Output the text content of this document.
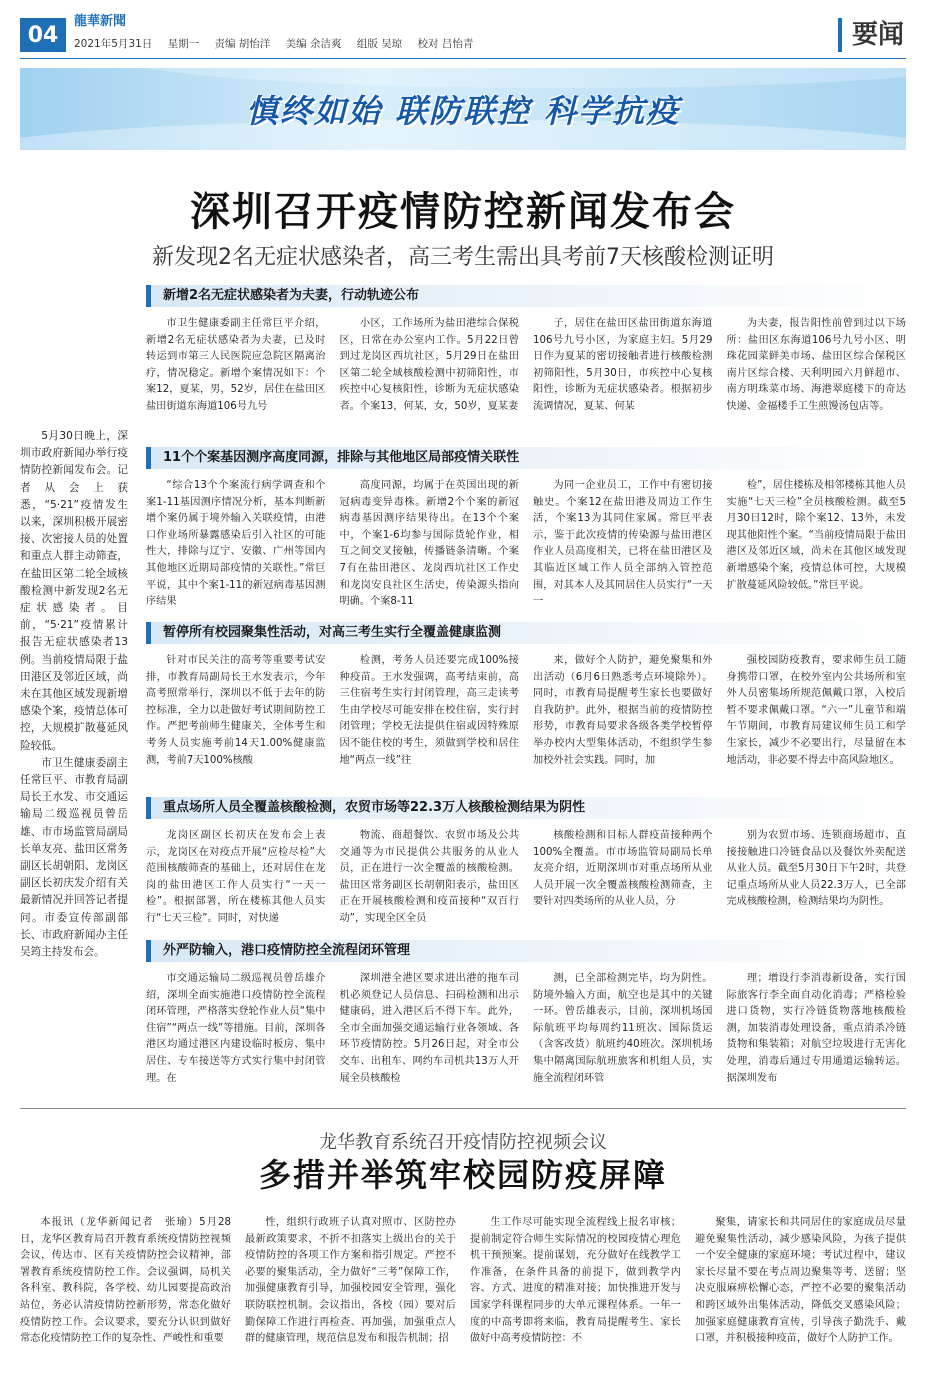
04
龍華新聞
2021年5月31日 星期一 责编 胡怡洋 美编 余洁爽 组版 吴琼 校对 吕怡青	要闻
慎终如始 联防联控 科学抗疫
深圳召开疫情防控新闻发布会
新发现2名无症状感染者，高三考生需出具考前7天核酸检测证明

5月30日晚上，深圳市政府新闻办举行疫情防控新闻发布会。记者从会上获悉，“5·21”疫情发生以来，深圳积极开展密接、次密接人员的处置和重点人群主动筛查，在盐田区第二轮全域核酸检测中新发现2名无症状感染者。目前，“5·21”疫情累计报告无症状感染者13例。当前疫情局限于盐田港区及邻近区域，尚未在其他区域发现新增感染个案，疫情总体可控，大规模扩散蔓延风险较低。

市卫生健康委副主任常巨平、市教育局副局长王水发、市交通运输局二级巡视员曾岳雄、市市场监管局副局长单友亮、盐田区常务副区长胡朝阳、龙岗区副区长初庆发介绍有关最新情况并回答记者提问。市委宣传部副部长、市政府新闻办主任吴筠主持发布会。

新增2名无症状感染者为夫妻，行动轨迹公布

市卫生健康委副主任常巨平介绍，新增2名无症状感染者为夫妻，已及时转运到市第三人民医院应急院区隔离治疗，情况稳定。新增个案情况如下：个案12，夏某，男，52岁，居住在盐田区盐田街道东海道106号九号

小区，工作场所为盐田港综合保税区，日常在办公室内工作。5月22日曾到过龙岗区西坑社区，5月29日在盐田区第二轮全域核酸检测中初筛阳性，市疾控中心复核阳性，诊断为无症状感染者。个案13，何某，女，50岁，夏某妻

子，居住在盐田区盐田街道东海道106号九号小区，为家庭主妇。5月29日作为夏某的密切接触者进行核酸检测初筛阳性，5月30日，市疾控中心复核阳性，诊断为无症状感染者。根据初步流调情况，夏某、何某

为夫妻，报告阳性前曾到过以下场所：盐田区东海道106号九号小区、明珠花园菜鲜美市场、盐田区综合保税区南片区综合楼、天利明园六月鲜超市、南方明珠菜市场、海港翠庭楼下的奇达快递、金福楼手工生煎馒汤包店等。

11个个案基因测序高度同源，排除与其他地区局部疫情关联性

“综合13个个案流行病学调查和个案1-11基因测序情况分析，基本判断新增个案仍属于境外输入关联疫情，由港口作业场所暴露感染后引入社区的可能性大，排除与辽宁、安徽、广州等国内其他地区近期局部疫情的关联性。”常巨平说，其中个案1-11的新冠病毒基因测序结果

高度同源，均属于在英国出现的新冠病毒变异毒株。新增2个个案的新冠病毒基因测序结果待出。在13个个案中，个案1-6均参与国际货轮作业，相互之间交叉接触，传播链条清晰。个案7有在盐田港区、龙岗西坑社区工作史和龙岗安良社区生活史，传染源头指向明确。个案8-11

为同一企业员工，工作中有密切接触史。个案12在盐田港及周边工作生活，个案13为其同住家属。常巨平表示，鉴于此次疫情的传染源与盐田港区作业人员高度相关，已将在盐田港区及其临近区域工作人员全部纳入管控范围，对其本人及其同居住人员实行“一天一

检”，居住楼栋及相邻楼栋其他人员实施“七天三检”全员核酸检测。截至5月30日12时，除个案12、13外，未发现其他阳性个案。“当前疫情局限于盐田港区及邻近区域，尚未在其他区域发现新增感染个案，疫情总体可控，大规模扩散蔓延风险较低。”常巨平说。

暂停所有校园聚集性活动，对高三考生实行全覆盖健康监测

针对市民关注的高考等重要考试安排，市教育局副局长王水发表示，今年高考照常举行，深圳以不低于去年的防控标准，全力以赴做好考试期间防控工作。严把考前师生健康关，全体考生和考务人员实施考前14天1.00%健康监测，考前7天100%核酸

检测，考务人员还要完成100%接种疫苗。王水发强调，高考结束前，高三住宿考生实行封闭管理，高三走读考生由学校尽可能安排在校住宿，实行封闭管理；学校无法提供住宿或因特殊原因不能住校的考生，须做到学校和居住地“两点一线”往

来，做好个人防护，避免聚集和外出活动（6月6日熟悉考点环境除外）。同时，市教育局提醒考生家长也要做好自我防护。此外，根据当前的疫情防控形势，市教育局要求各级各类学校暂停举办校内大型集体活动，不组织学生参加校外社会实践。同时，加

强校园防疫教育，要求师生员工随身携带口罩，在校外室内公共场所和室外人员密集场所规范佩戴口罩，入校后暂不要求佩戴口罩。“六一”儿童节和端午节期间，市教育局建议师生员工和学生家长，减少不必要出行，尽量留在本地活动，非必要不得去中高风险地区。

重点场所人员全覆盖核酸检测，农贸市场等22.3万人核酸检测结果为阴性

龙岗区副区长初庆在发布会上表示，龙岗区在对疫点开展“应检尽检”大范围核酸筛查的基础上，还对居住在龙岗的盐田港区工作人员实行“一天一检”。根据部署，所在楼栋其他人员实行“七天三检”。同时，对快递

物流、商超餐饮、农贸市场及公共交通等为市民提供公共服务的从业人员，正在进行一次全覆盖的核酸检测。盐田区常务副区长胡朝阳表示，盐田区正在开展核酸检测和疫苗接种“双百行动”，实现全区全员

核酸检测和目标人群疫苗接种两个100%全覆盖。市市场监管局副局长单友亮介绍，近期深圳市对重点场所从业人员开展一次全覆盖核酸检测筛查，主要针对四类场所的从业人员，分

别为农贸市场、连锁商场超市、直接接触进口冷链食品以及餐饮外卖配送从业人员。截至5月30日下午2时，共登记重点场所从业人员22.3万人，已全部完成核酸检测，检测结果均为阴性。

外严防输入，港口疫情防控全流程闭环管理

市交通运输局二级巡视员曾岳雄介绍，深圳全面实施港口疫情防控全流程闭环管理，严格落实登轮作业人员“集中住宿”“两点一线”等措施。目前，深圳各港区均通过港区内建设临时板房、集中居住、专车接送等方式实行集中封闭管理。在

深圳港全港区要求进出港的拖车司机必须登记人员信息、扫码检测和出示健康码，进入港区后不得下车。此外，全市全面加强交通运输行业各领域、各环节疫情防控。5月26日起，对全市公交车、出租车、网约车司机共13万人开展全员核酸检

测，已全部检测完毕，均为阴性。防境外输入方面，航空也是其中的关键一环。曾岳雄表示，目前，深圳机场国际航班平均每周约11班次、国际货运（含客改货）航班约40班次。深圳机场集中隔离国际航班旅客和机组人员，实施全流程闭环管

理；增设行李消毒新设备，实行国际旅客行李全面自动化消毒；严格检验进口货物，实行冷链货物落地核酸检测，加装消毒处理设备，重点消杀冷链货物和集装箱；对航空垃圾进行无害化处理，消毒后通过专用通道运输转运。据深圳发布

龙华教育系统召开疫情防控视频会议
多措并举筑牢校园防疫屏障

本报讯（龙华新闻记者　张瑜）5月28日，龙华区教育局召开教育系统疫情防控视频会议，传达市、区有关疫情防控会议精神，部署教育系统疫情防控工作。会议强调，局机关各科室、教科院，各学校、幼儿园要提高政治站位，务必认清疫情防控新形势，常态化做好疫情防控工作。会议要求，要充分认识到做好常态化疫情防控工作的复杂性、严峻性和重要

性，组织行政班子认真对照市、区防控办最新政策要求，不折不扣落实上级出台的关于疫情防控的各项工作方案和指引规定。严控不必要的聚集活动，全力做好“三考”保障工作，加强健康教育引导，加强校园安全管理，强化联防联控机制。会议指出，各校（园）要对后勤保障工作进行再检查、再加强，加强重点人群的健康管理，规范信息发布和报告机制；招

生工作尽可能实现全流程线上报名审核；提前制定符合师生实际情况的校园疫情心理危机干预预案。提前谋划，充分做好在线教学工作准备，在条件具备的前提下，做到教学内容、方式、进度的精准对接；加快推进开发与国家学科课程同步的大单元课程体系。一年一度的中高考即将来临，教育局提醒考生、家长做好中高考疫情防控：不

聚集，请家长和共同居住的家庭成员尽量避免聚集性活动，减少感染风险，为孩子提供一个安全健康的家庭环境；考试过程中，建议家长尽量不要在考点周边聚集等考、送留；坚决克服麻痹松懈心态，严控不必要的聚集活动和跨区域外出集体活动，降低交叉感染风险；加强家庭健康教育宣传，引导孩子勤洗手、戴口罩，并积极接种疫苗，做好个人防护工作。
